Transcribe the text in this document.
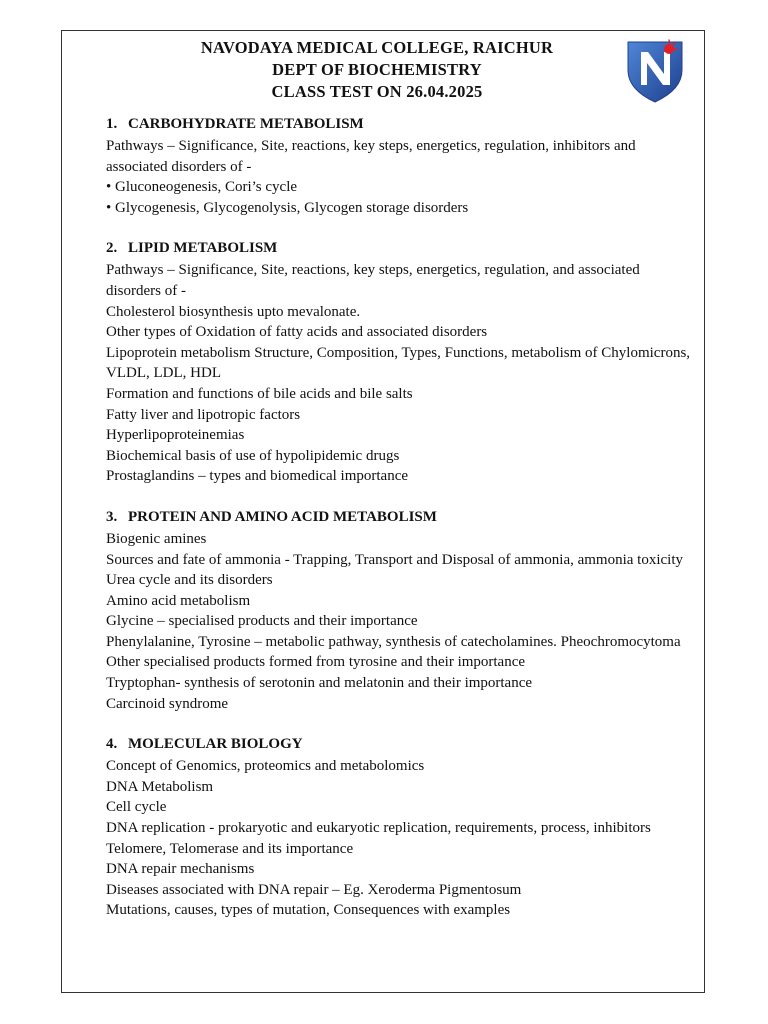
NAVODAYA MEDICAL COLLEGE, RAICHUR
DEPT OF BIOCHEMISTRY
CLASS TEST ON 26.04.2025
1. CARBOHYDRATE METABOLISM
Pathways – Significance, Site, reactions, key steps, energetics, regulation, inhibitors and associated disorders of -
• Gluconeogenesis, Cori’s cycle
• Glycogenesis, Glycogenolysis, Glycogen storage disorders
2. LIPID METABOLISM
Pathways – Significance, Site, reactions, key steps, energetics, regulation, and associated disorders of -
Cholesterol biosynthesis upto mevalonate.
Other types of Oxidation of fatty acids and associated disorders
Lipoprotein metabolism Structure, Composition, Types, Functions, metabolism of Chylomicrons, VLDL, LDL, HDL
Formation and functions of bile acids and bile salts
Fatty liver and lipotropic factors
Hyperlipoproteinemias
Biochemical basis of use of hypolipidemic drugs
Prostaglandins – types and biomedical importance
3. PROTEIN AND AMINO ACID METABOLISM
Biogenic amines
Sources and fate of ammonia - Trapping, Transport and Disposal of ammonia, ammonia toxicity
Urea cycle and its disorders
Amino acid metabolism
Glycine – specialised products and their importance
Phenylalanine, Tyrosine – metabolic pathway, synthesis of catecholamines. Pheochromocytoma
Other specialised products formed from tyrosine and their importance
Tryptophan- synthesis of serotonin and melatonin and their importance
Carcinoid syndrome
4. MOLECULAR BIOLOGY
Concept of Genomics, proteomics and metabolomics
DNA Metabolism
Cell cycle
DNA replication - prokaryotic and eukaryotic replication, requirements, process, inhibitors
Telomere, Telomerase and its importance
DNA repair mechanisms
Diseases associated with DNA repair – Eg. Xeroderma Pigmentosum
Mutations, causes, types of mutation, Consequences with examples
